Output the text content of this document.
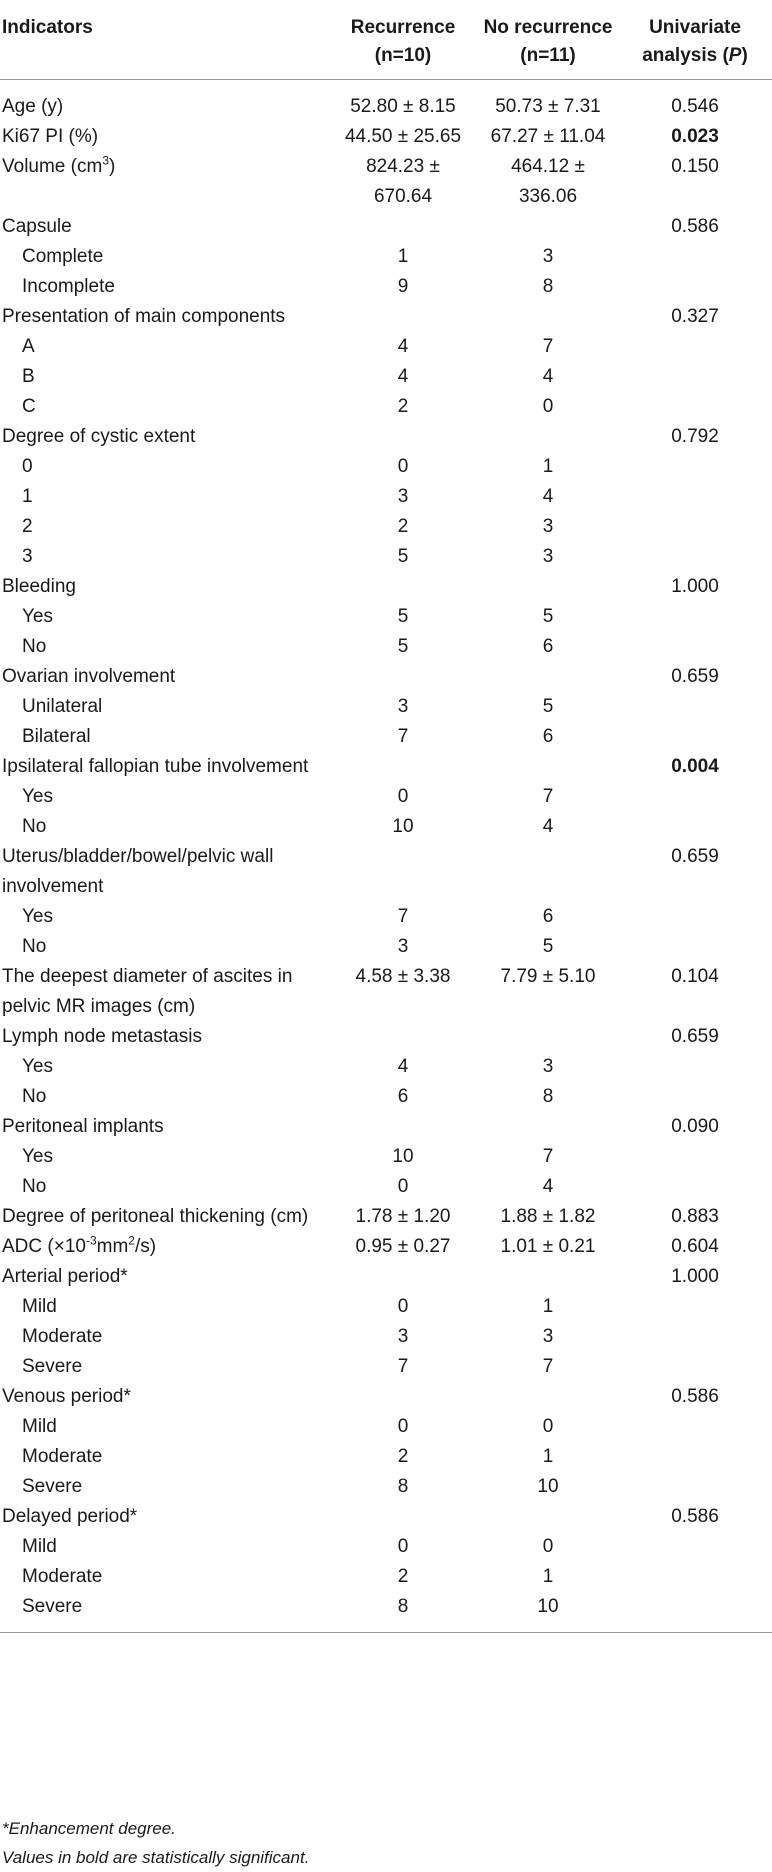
Indicators	Recurrence (n=10)	No recurrence (n=11)	Univariate analysis (P)
Age (y)	52.80 ± 8.15	50.73 ± 7.31	0.546
Ki67 PI (%)	44.50 ± 25.65	67.27 ± 11.04	0.023
Volume $(cm^3)$	824.23 ± 670.64	464.12 ± 336.06	0.150
Capsule			0.586
Complete	1	3	
Incomplete	9	8	
Presentation of main components			0.327
A	4	7	
B	4	4	
C	2	0	
Degree of cystic extent			0.792
0	0	1	
1	3	4	
2	2	3	
3	5	3	
Bleeding			1.000
Yes	5	5	
No	5	6	
Ovarian involvement			0.659
Unilateral	3	5	
Bilateral	7	6	
Ipsilateral fallopian tube involvement			0.004
Yes	0	7	
No	10	4	
Uterus/bladder/bowel/pelvic wall involvement			0.659
Yes	7	6	
No	3	5	
The deepest diameter of ascites in pelvic MR images (cm)	4.58 ± 3.38	7.79 ± 5.10	0.104
Lymph node metastasis			0.659
Yes	4	3	
No	6	8	
Peritoneal implants			0.090
Yes	10	7	
No	0	4	
Degree of peritoneal thickening (cm)	1.78 ± 1.20	1.88 ± 1.82	0.883
ADC $(\times 10^{-3}mm^2/s)$	0.95 ± 0.27	1.01 ± 0.21	0.604
Arterial period*			1.000
Mild	0	1	
Moderate	3	3	
Severe	7	7	
Venous period*			0.586
Mild	0	0	
Moderate	2	1	
Severe	8	10	
Delayed period*			0.586
Mild	0	0	
Moderate	2	1	
Severe	8	10	
*Enhancement degree.
Values in bold are statistically significant.
